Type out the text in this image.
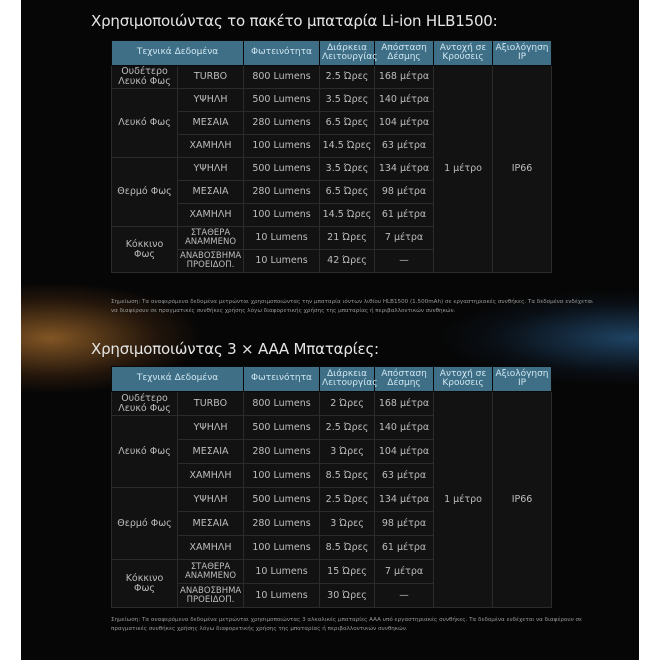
Χρησιμοποιώντας το πακέτο μπαταρία Li-ion HLB1500:
Τεχνικά Δεδομένα		Φωτεινότητα	Διάρκεια Λειτουργίας	Απόσταση Δέσμης	Αντοχή σε Κρούσεις	Αξιολόγηση IP
Ουδέτερο Λευκό Φως	TURBO	800 Lumens	2.5 Ώρες	168 μέτρα	1 μέτρο	IP66
Λευκό Φως	ΥΨΗΛΗ	500 Lumens	3.5 Ώρες	140 μέτρα		
	ΜΕΣΑΙΑ	280 Lumens	6.5 Ώρες	104 μέτρα		
	ΧΑΜΗΛΗ	100 Lumens	14.5 Ώρες	63 μέτρα		
Θερμό Φως	ΥΨΗΛΗ	500 Lumens	3.5 Ώρες	134 μέτρα		
	ΜΕΣΑΙΑ	280 Lumens	6.5 Ώρες	98 μέτρα		
	ΧΑΜΗΛΗ	100 Lumens	14.5 Ώρες	61 μέτρα		
Κόκκινο Φως	ΣΤΑΘΕΡΑ ΑΝΑΜΜΕΝΟ	10 Lumens	21 Ώρες	7 μέτρα		
	ΑΝΑΒΟΣΒΗΜΑ ΠΡΟΕΙΔΟΠ.	10 Lumens	42 Ώρες	—		
Σημείωση: Τα αναφερόμενα δεδομένα μετρώνται χρησιμοποιώντας την μπαταρία ιόντων λιθίου HLB1500 (1.500mAh) σε εργαστηριακές συνθήκες. Τα δεδομένα ενδέχεται να διαφέρουν σε πραγματικές συνθήκες χρήσης λόγω διαφορετικής χρήσης της μπαταρίας ή περιβαλλοντικών συνθηκών.
Χρησιμοποιώντας 3 × AAA Μπαταρίες:
Τεχνικά Δεδομένα		Φωτεινότητα	Διάρκεια Λειτουργίας	Απόσταση Δέσμης	Αντοχή σε Κρούσεις	Αξιολόγηση IP
Ουδέτερο Λευκό Φως	TURBO	800 Lumens	2 Ώρες	168 μέτρα	1 μέτρο	IP66
Λευκό Φως	ΥΨΗΛΗ	500 Lumens	2.5 Ώρες	140 μέτρα		
	ΜΕΣΑΙΑ	280 Lumens	3 Ώρες	104 μέτρα		
	ΧΑΜΗΛΗ	100 Lumens	8.5 Ώρες	63 μέτρα		
Θερμό Φως	ΥΨΗΛΗ	500 Lumens	2.5 Ώρες	134 μέτρα		
	ΜΕΣΑΙΑ	280 Lumens	3 Ώρες	98 μέτρα		
	ΧΑΜΗΛΗ	100 Lumens	8.5 Ώρες	61 μέτρα		
Κόκκινο Φως	ΣΤΑΘΕΡΑ ΑΝΑΜΜΕΝΟ	10 Lumens	15 Ώρες	7 μέτρα		
	ΑΝΑΒΟΣΒΗΜΑ ΠΡΟΕΙΔΟΠ.	10 Lumens	30 Ώρες	—		
Σημείωση: Τα αναφερόμενα δεδομένα μετρώνται χρησιμοποιώντας 3 αλκαλικές μπαταρίες AAA υπό εργαστηριακές συνθήκες. Τα δεδομένα ενδέχεται να διαφέρουν σε πραγματικές συνθήκες χρήσης λόγω διαφορετικής χρήσης της μπαταρίας ή περιβαλλοντικών συνθηκών.
